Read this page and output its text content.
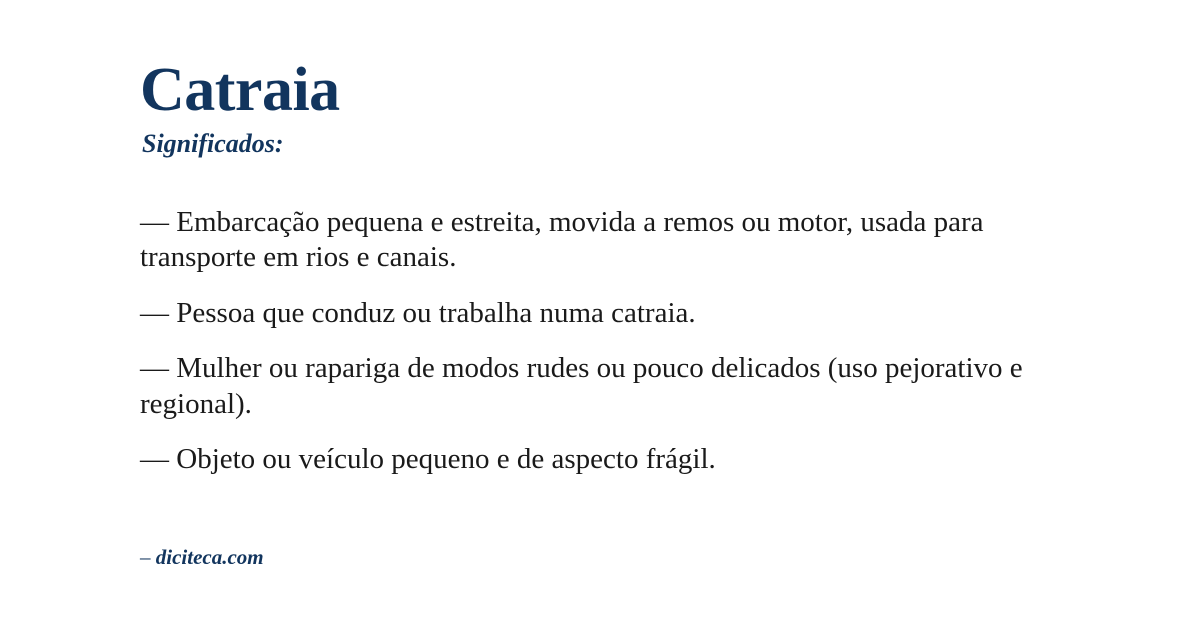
Catraia
Significados:
— Embarcação pequena e estreita, movida a remos ou motor, usada para transporte em rios e canais.
— Pessoa que conduz ou trabalha numa catraia.
— Mulher ou rapariga de modos rudes ou pouco delicados (uso pejorativo e regional).
— Objeto ou veículo pequeno e de aspecto frágil.
– diciteca.com
